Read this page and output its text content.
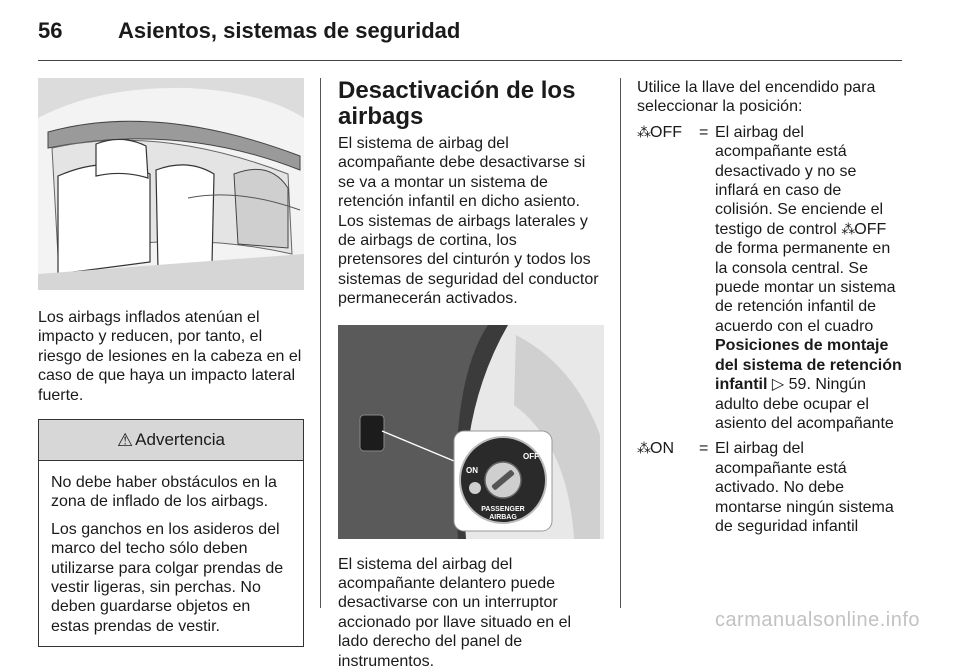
56	Asientos, sistemas de seguridad

Los airbags inflados atenúan el impacto y reducen, por tanto, el riesgo de lesiones en la cabeza en el caso de que haya un impacto lateral fuerte.

⚠ Advertencia

No debe haber obstáculos en la zona de inflado de los airbags.

Los ganchos en los asideros del marco del techo sólo deben utilizarse para colgar prendas de vestir ligeras, sin perchas. No deben guardarse objetos en estas prendas de vestir.

Desactivación de los airbags

El sistema de airbag del acompañante debe desactivarse si se va a montar un sistema de retención infantil en dicho asiento. Los sistemas de airbags laterales y de airbags de cortina, los pretensores del cinturón y todos los sistemas de seguridad del conductor permanecerán activados.

ON
OFF
PASSENGER
AIRBAG

El sistema del airbag del acompañante delantero puede desactivarse con un interruptor accionado por llave situado en el lado derecho del panel de instrumentos.

Utilice la llave del encendido para seleccionar la posición:

⁂OFF	= El airbag del acompañante está desactivado y no se inflará en caso de colisión. Se enciende el testigo de control ⁂OFF de forma permanente en la consola central. Se puede montar un sistema de retención infantil de acuerdo con el cuadro Posiciones de montaje del sistema de retención infantil ▷ 59. Ningún adulto debe ocupar el asiento del acompañante
⁂ON	= El airbag del acompañante está activado. No debe montarse ningún sistema de seguridad infantil
carmanualsonline.info
